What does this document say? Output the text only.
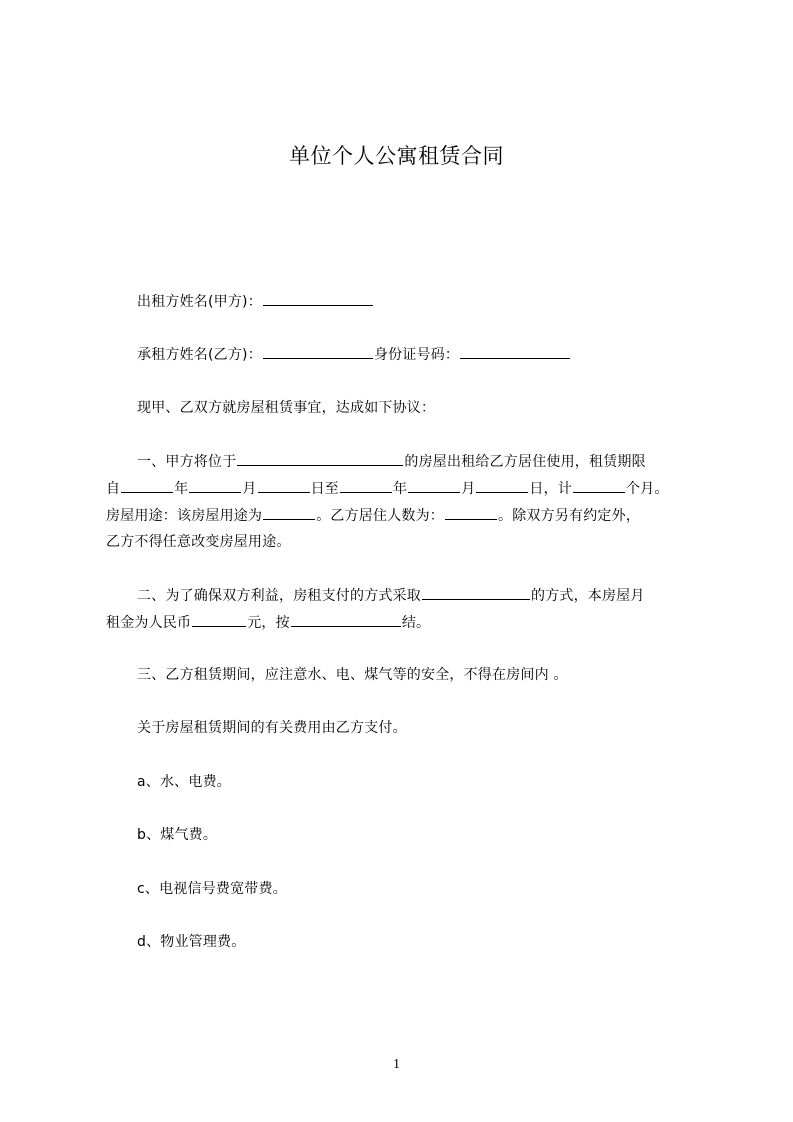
单位个人公寓租赁合同
出租方姓名(甲方)：
承租方姓名(乙方)：	身份证号码：
现甲、乙双方就房屋租赁事宜，达成如下协议：
一、甲方将位于	的房屋出租给乙方居住使用，租赁期限
自	年	月	日至	年	月	日，计	个月。
房屋用途：该房屋用途为	。乙方居住人数为：	。除双方另有约定外，
乙方不得任意改变房屋用途。
二、为了确保双方利益，房租支付的方式采取	的方式，本房屋月
租金为人民币	元，按	结。
三、乙方租赁期间，应注意水、电、煤气等的安全，不得在房间内 。
关于房屋租赁期间的有关费用由乙方支付。
a、水、电费。
b、煤气费。
c、电视信号费宽带费。
d、物业管理费。
1
